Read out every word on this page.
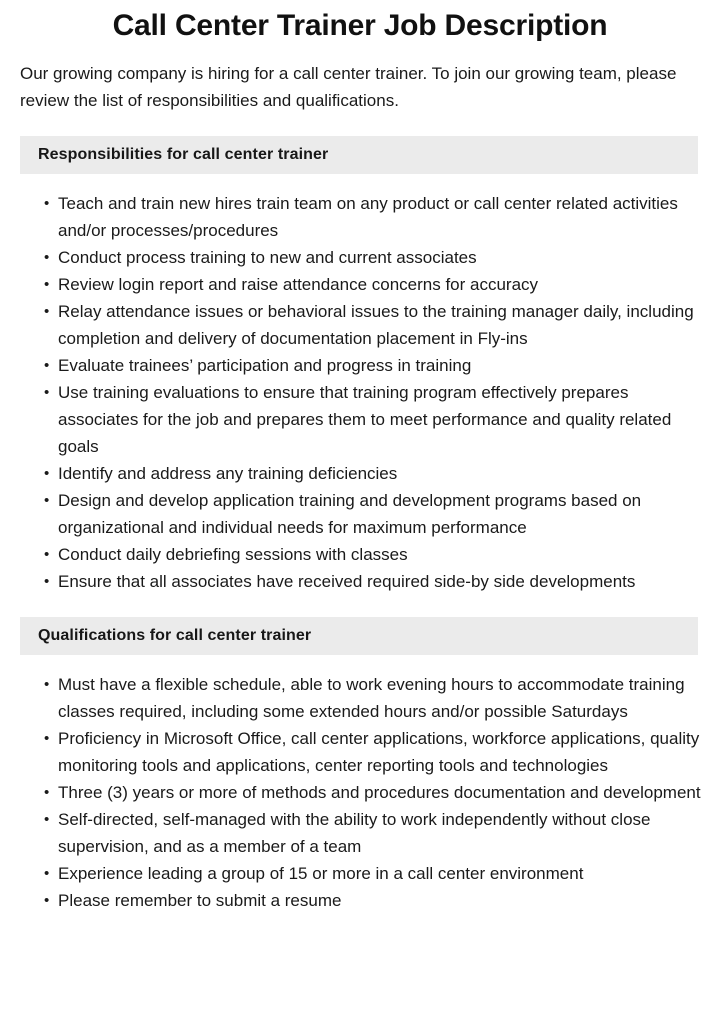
Call Center Trainer Job Description

Our growing company is hiring for a call center trainer. To join our growing team, please review the list of responsibilities and qualifications.

Responsibilities for call center trainer
• Teach and train new hires train team on any product or call center related activities and/or processes/procedures
• Conduct process training to new and current associates
• Review login report and raise attendance concerns for accuracy
• Relay attendance issues or behavioral issues to the training manager daily, including completion and delivery of documentation placement in Fly-ins
• Evaluate trainees’ participation and progress in training
• Use training evaluations to ensure that training program effectively prepares associates for the job and prepares them to meet performance and quality related goals
• Identify and address any training deficiencies
• Design and develop application training and development programs based on organizational and individual needs for maximum performance
• Conduct daily debriefing sessions with classes
• Ensure that all associates have received required side-by side developments
Qualifications for call center trainer
• Must have a flexible schedule, able to work evening hours to accommodate training classes required, including some extended hours and/or possible Saturdays
• Proficiency in Microsoft Office, call center applications, workforce applications, quality monitoring tools and applications, center reporting tools and technologies
• Three (3) years or more of methods and procedures documentation and development
• Self-directed, self-managed with the ability to work independently without close supervision, and as a member of a team
• Experience leading a group of 15 or more in a call center environment
• Please remember to submit a resume
